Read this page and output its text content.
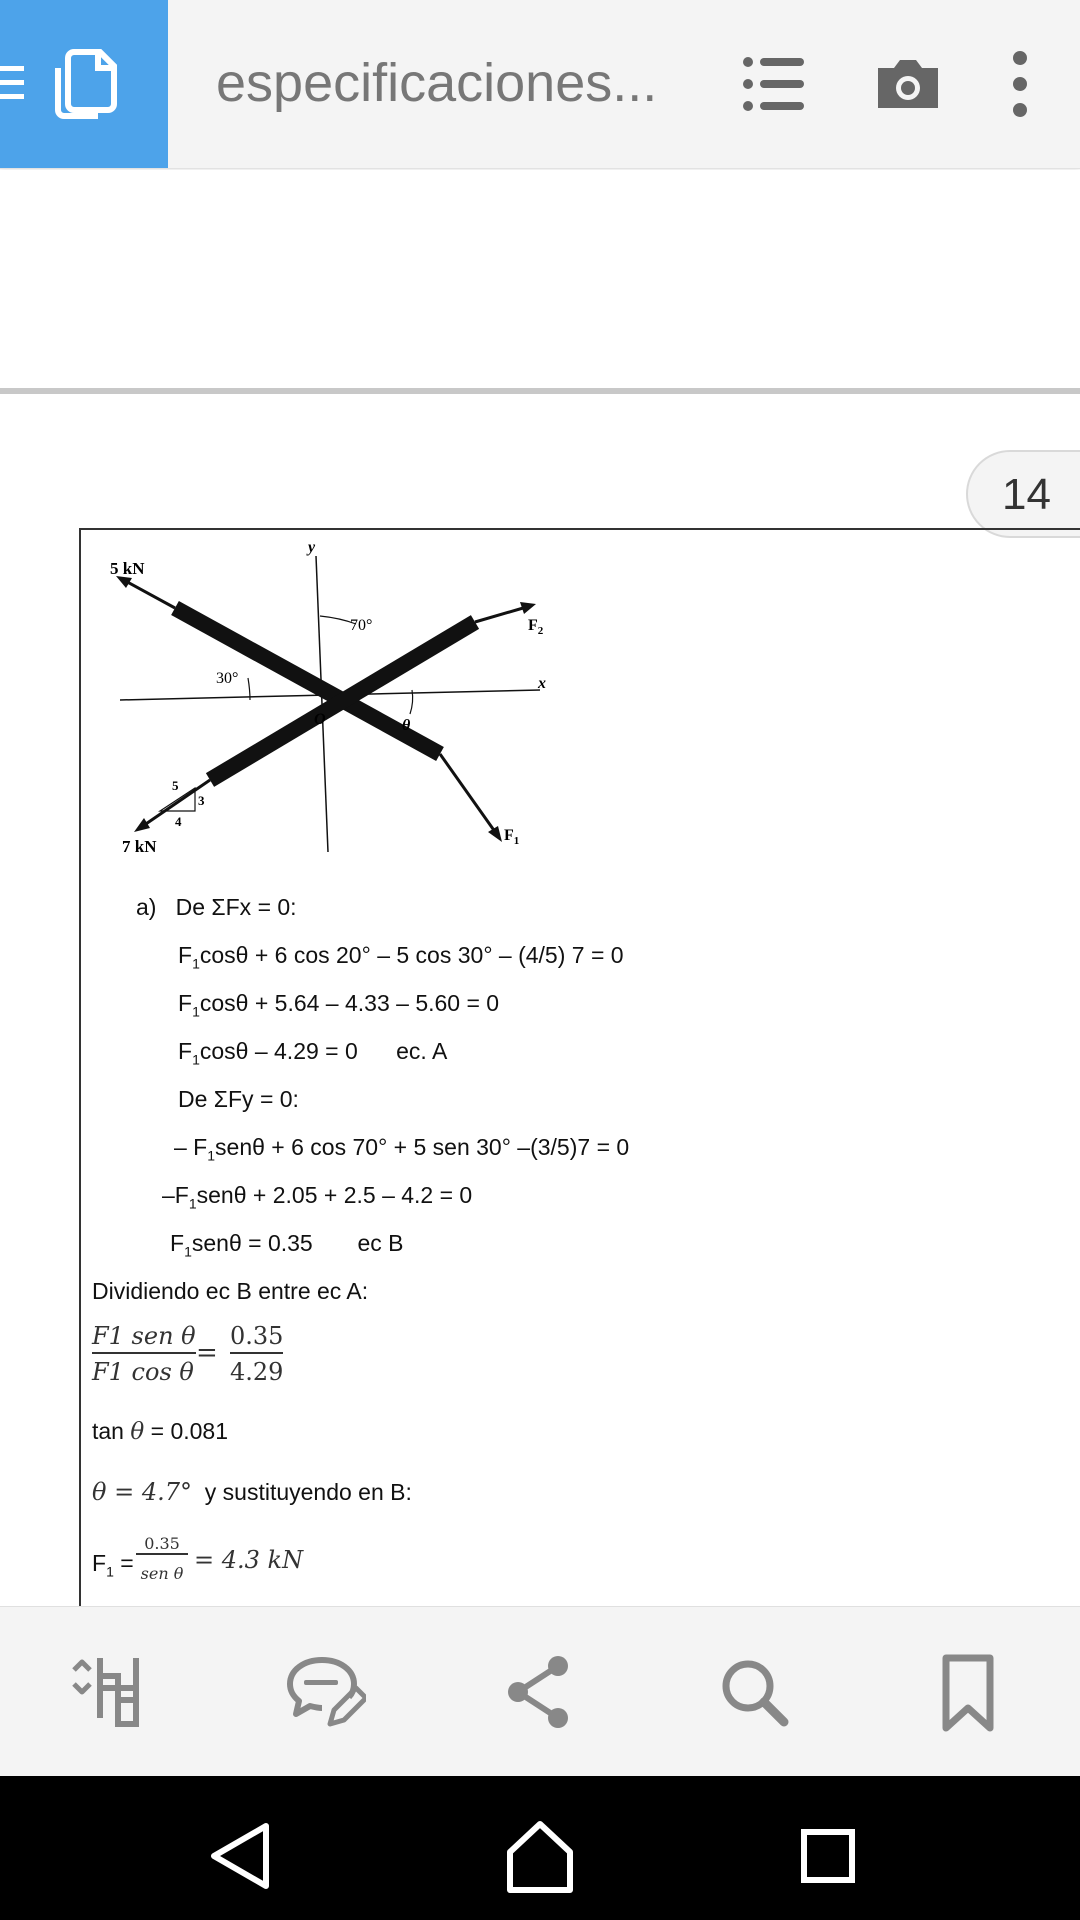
especificaciones...
14
5 kN
y
70°	$F_2$
30°	x
O	θ
5
3
4
7 kN
$F_1$
a) De ΣFx = 0:
$F_1\cos\theta + 6$ cos 20° – 5 cos 30° – (4/5) 7 = 0
$F_1\cos\theta + 5.64 - 4.33 - 5.60 = 0$
$F_1\cos\theta - 4.29 = 0$ ec. A
De ΣFy = 0:
– $F_1sen\theta + 6$ cos 70° + 5 sen 30° –(3/5)7 = 0
$-F_1sen\theta + 2.05 + 2.5 - 4.2 = 0$
$F_1sen\theta = 0.35$ ec B
Dividiendo ec B entre ec A:
F1 sen θ
F1 cos θ
=
0.35
4.29
tan θ = 0.081
θ = 4.7° y sustituyendo en B:
$F_1$ =
0.35
sen θ = 4.3 kN
